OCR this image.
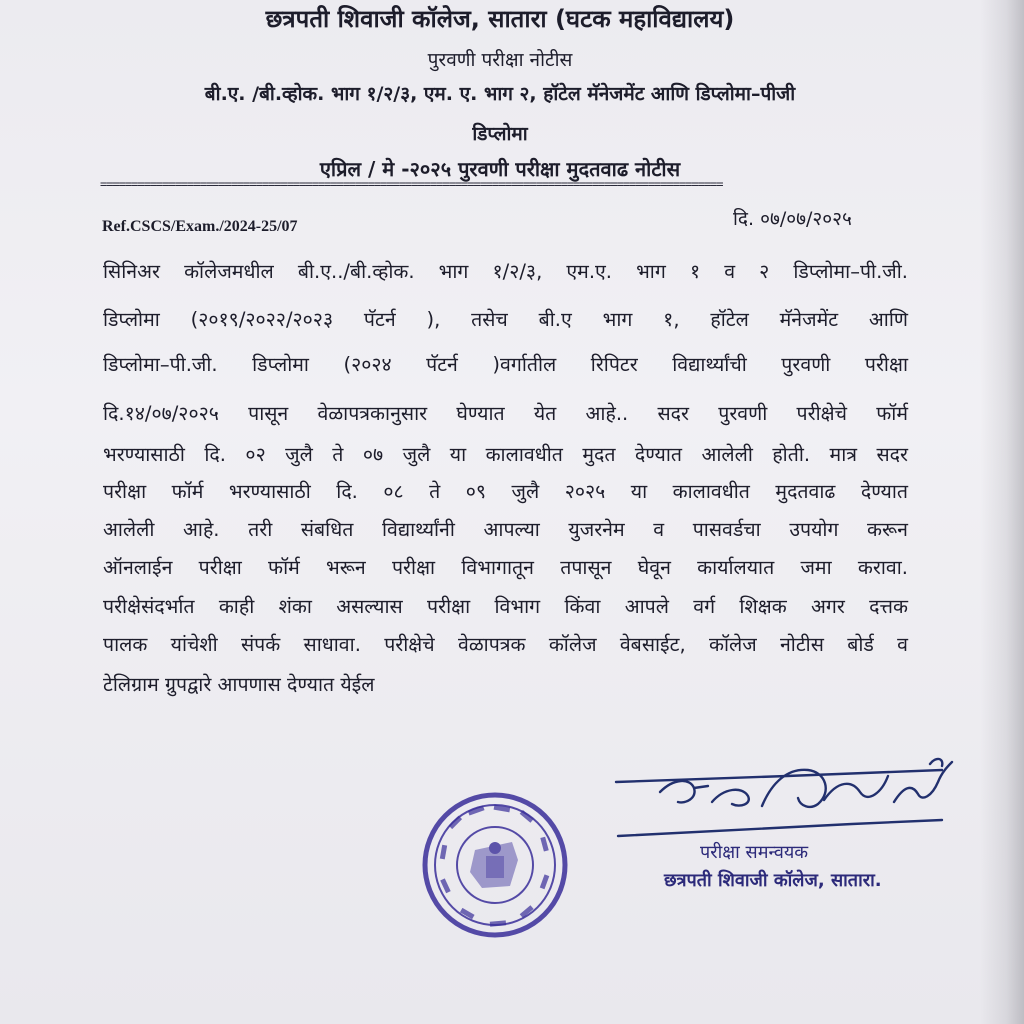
छत्रपती शिवाजी कॉलेज, सातारा (घटक महाविद्यालय)
पुरवणी परीक्षा नोटीस
बी.ए. /बी.व्होक. भाग १/२/३, एम. ए. भाग २, हॉटेल मॅनेजमेंट आणि डिप्लोमा–पीजी
डिप्लोमा
एप्रिल / मे -२०२५ पुरवणी परीक्षा मुदतवाढ नोटीस
====================================================================================================
Ref.CSCS/Exam./2024-25/07	दि. ०७/०७/२०२५
सिनिअर कॉलेजमधील बी.ए../बी.व्होक. भाग १/२/३, एम.ए. भाग १ व २ डिप्लोमा–पी.जी.
डिप्लोमा (२०१९/२०२२/२०२३ पॅटर्न ), तसेच बी.ए भाग १, हॉटेल मॅनेजमेंट आणि
डिप्लोमा–पी.जी. डिप्लोमा (२०२४ पॅटर्न )वर्गातील रिपिटर विद्यार्थ्यांची पुरवणी परीक्षा
दि.१४/०७/२०२५ पासून वेळापत्रकानुसार घेण्यात येत आहे.. सदर पुरवणी परीक्षेचे फॉर्म
भरण्यासाठी दि. ०२ जुलै ते ०७ जुलै या कालावधीत मुदत देण्यात आलेली होती. मात्र सदर
परीक्षा फॉर्म भरण्यासाठी दि. ०८ ते ०९ जुलै २०२५ या कालावधीत मुदतवाढ देण्यात
आलेली आहे. तरी संबधित विद्यार्थ्यांनी आपल्या युजरनेम व पासवर्डचा उपयोग करून
ऑनलाईन परीक्षा फॉर्म भरून परीक्षा विभागातून तपासून घेवून कार्यालयात जमा करावा.
परीक्षेसंदर्भात काही शंका असल्यास परीक्षा विभाग किंवा आपले वर्ग शिक्षक अगर दत्तक
पालक यांचेशी संपर्क साधावा. परीक्षेचे वेळापत्रक कॉलेज वेबसाईट, कॉलेज नोटीस बोर्ड व
टेलिग्राम ग्रुपद्वारे आपणास देण्यात येईल
परीक्षा समन्वयक
छत्रपती शिवाजी कॉलेज, सातारा.
